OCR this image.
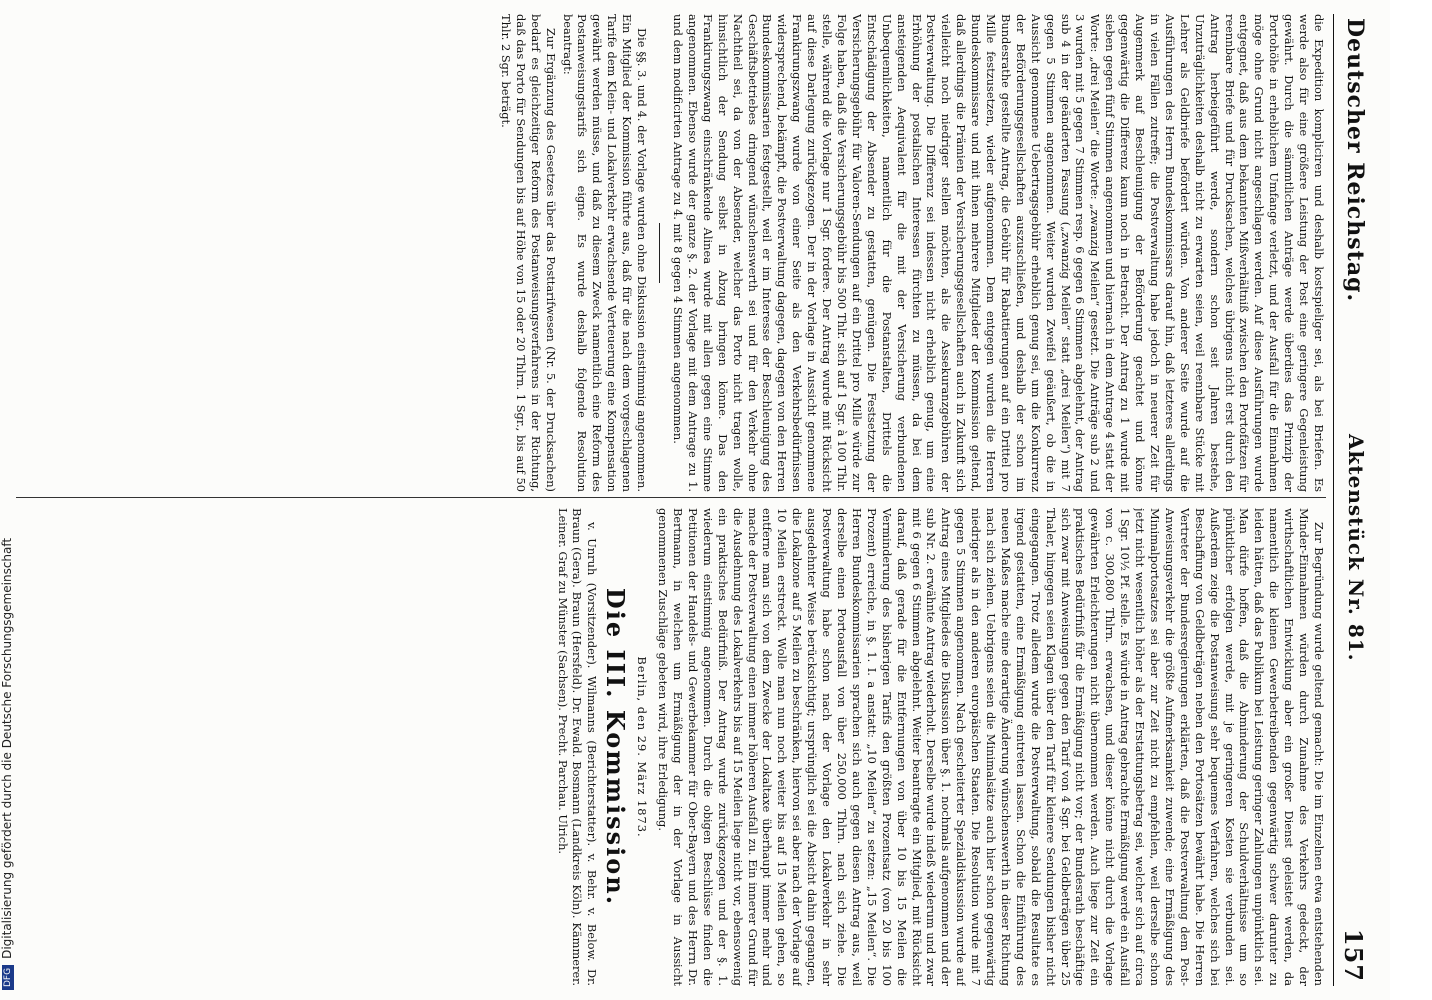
Deutscher Reichstag.
Aktenstück Nr. 81.
157

die Expedition kompliciren und deshalb kostspieliger sei, als bei Briefen. Es werde also für eine größere Leistung der Post eine geringere Gegenleistung gewährt. Durch die sämmtlichen Anträge werde überdies das Prinzip der Portohöhe in erheblichem Umfange verletzt, und der Ausfall für die Einnahmen möge ohne Grund nicht angeschlagen werden. Auf diese Ausführungen wurde entgegnet, daß aus dem bekannten Mißverhältniß zwischen den Portofätzen für reennbare Briefe und für Drucksachen, welches übrigens nicht erst durch den Antrag herbeigeführt werde, sondern schon seit Jahren bestehe, Unzuträglichkeiten deshalb nicht zu erwarten seien, weil reennbare Stücke mit Lehrer als Geldbriefe befördert würden. Von anderer Seite wurde auf die Ausführungen des Herrn Bundeskommissars darauf hin, daß letzteres allerdings in vielen Fällen zutreffe; die Postverwaltung habe jedoch in neuerer Zeit für Augenmerk auf Beschleunigung der Beförderung geachtet und könne gegenwärtig die Differenz kaum noch in Betracht. Der Antrag zu 1 wurde mit sieben gegen fünf Stimmen angenommen und hiernach in dem Antrage 4 statt der Worte: „drei Meilen“ die Worte: „zwanzig Meilen“ gesetzt. Die Anträge sub 2 und 3 wurden mit 5 gegen 7 Stimmen resp. 6 gegen 6 Stimmen abgelehnt, der Antrag sub 4 in der geänderten Fassung („zwanzig Meilen“ statt „drei Meilen“) mit 7 gegen 5 Stimmen angenommen. Weiter wurden Zweifel geäußert, ob die in Aussicht genommene Uebertragsgebühr erheblich genug sei, um die Konkurrenz der Beförderungsgesellschaften auszuschließen, und deshalb der schon im Bundesrathe gestellte Antrag, die Gebühr für Rabattierungen auf ein Drittel pro Mille festzusetzen, wieder aufgenommen. Dem entgegen wurden die Herren Bundeskommissare und mit ihnen mehrere Mitglieder der Kommission geltend, daß allerdings die Prämien der Versicherungsgesellschaften auch in Zukunft sich vielleicht noch niedriger stellen möchten, als die Assekuranzgebühren der Postverwaltung. Die Differenz sei indessen nicht erheblich genug, um eine Erhöhung der postalischen Interessen fürchten zu müssen, da bei dem ansteigenden Aequivalent für die mit der Versicherung verbundenen Unbequemlichkeiten, namentlich für die Postanstalten, Drittels die Entschädigung der Absender zu gestatten, genügen. Die Festsetzung der Versicherungsgebühr für Valoren-Sendungen auf ein Drittel pro Mille würde zur Folge haben, daß die Versicherungsgebühr bis 500 Thlr. sich auf 1 Sgr. à 100 Thlr. stelle, während die Vorlage nur 1 Sgr. fordere. Der Antrag wurde mit Rücksicht auf diese Darlegung zurückgezogen. Der in der Vorlage in Aussicht genommene Frankirungszwang wurde von einer Seite als den Verkehrsbedürfnissen widersprechend, bekämpft, die Postverwaltung dagegen, dagegen von den Herren Bundeskommissarien festgestellt, weil er im Interesse der Beschleunigung des Geschäftsbetriebes dringend wünschenswerth sei und für den Verkehr ohne Nachtheil sei, da von der Absender, welcher das Porto nicht tragen wolle, hinsichtlich der Sendung selbst in Abzug bringen könne. Das den Frankirungszwang einschränkende Alinea wurde mit allen gegen eine Stimme angenommen. Ebenso wurde der ganze §. 2. der Vorlage mit dem Antrage zu 1. und dem modificirten Antrage zu 4. mit 8 gegen 4 Stimmen angenommen.

Die §§. 3. und 4. der Vorlage wurden ohne Diskussion einstimmig angenommen. Ein Mitglied der Kommission führte aus, daß für die nach dem vorgeschlagenen Tarife dem Klein- und Lokalverkehr erwachsende Verteuerung eine Kompensation gewährt werden müsse, und daß zu diesem Zweck namentlich eine Reform des Postanweisungstarifs sich eigne. Es wurde deshalb folgende Resolution beantragt:

Zur Ergänzung des Gesetzes über das Posttarifwesen (Nr. 5. der Drucksachen) bedarf es gleichzeitiger Reform des Postanweisungsverfahrens in der Richtung, daß das Porto für Sendungen bis auf Höhe von 15 oder 20 Thlrn. 1 Sgr., bis auf 50 Thlr. 2 Sgr. beträgt.

Zur Begründung wurde geltend gemacht: Die im Einzelnen etwa entstehenden Minder-Einnahmen würden durch Zunahme des Verkehrs gedeckt, der wirthschaftlichen Entwicklung aber ein großer Dienst geleistet werden, da namentlich die kleinen Gewerbetreibenden gegenwärtig schwer darunter zu leiden hätten, daß das Publikum bei Leistung geringer Zahlungen unpünktlich sei. Man dürfe hoffen, daß die Abminderung der Schuldverhältnisse um so pünktlicher erfolgen werde, mit je geringeren Kosten sie verbunden sei. Außerdem zeige die Postanweisung sehr bequemes Verfahren, welches sich bei Beschaffung von Geldbeträgen neben den Portosätzen bewährt habe. Die Herren Vertreter der Bundesregierungen erklärten, daß die Postverwaltung dem Post-Anweisungsverkehr die größte Aufmerksamkeit zuwende; eine Ermäßigung des Minimalportosatzes sei aber zur Zeit nicht zu empfehlen, weil derselbe schon jetzt nicht wesentlich höher als der Erstattungsbetrag sei, welcher sich auf circa 1 Sgr. 10½ Pf. stelle. Es würde in Antrag gebrachte Ermäßigung werde ein Ausfall von c. 300,800 Thlrn. erwachsen, und dieser könne nicht durch die Vorlage gewährten Erleichterungen nicht übernommen werden. Auch liege zur Zeit ein praktisches Bedürfniß für die Ermäßigung nicht vor; der Bundesrath beschäftige sich zwar mit Anweisungen gegen den Tarif von 4 Sgr. bei Geldbeträgen über 25 Thaler, hingegen seien Klagen über den Tarif für kleinere Sendungen bisher nicht eingegangen. Trotz alledem wurde die Postverwaltung, sobald die Resultate es irgend gestatten, eine Ermäßigung eintreten lassen. Schon die Einführung des neuen Maßes mache eine derartige Änderung wünschenswerth in dieser Richtung nach sich ziehen. Uebrigens seien die Minimalsätze auch hier schon gegenwärtig niedriger als in den anderen europäischen Staaten. Die Resolution wurde mit 7 gegen 5 Stimmen angenommen. Nach gescheiterter Spezialdiskussion wurde auf Antrag eines Mitgliedes die Diskussion über §. 1. nochmals aufgenommen und der sub Nr. 2. erwähnte Antrag wiederholt. Derselbe wurde indeß wiederum und zwar mit 6 gegen 6 Stimmen abgelehnt. Weiter beantragte ein Mitglied, mit Rücksicht darauf, daß gerade für die Entfernungen von über 10 bis 15 Meilen die Verminderung des bisherigen Tarifs den größten Prozentsatz (von 20 bis 100 Prozent) erreiche, in §. 1. I. a anstatt: „10 Meilen“ zu setzen: „15 Meilen“. Die Herren Bundeskommissarien sprachen sich auch gegen diesen Antrag aus, weil derselbe einen Portoausfall von über 250,000 Thlrn. nach sich ziehe. Die Postverwaltung habe schon nach der Vorlage den Lokalverkehr in sehr ausgedehnter Weise berücksichtigt; ursprünglich sei die Absicht dahin gegangen, die Lokalzone auf 5 Meilen zu beschränken, hiervon sei aber nach der Vorlage auf 10 Meilen erstreckt. Wolle man nun noch weiter bis auf 15 Meilen gehen, so entferne man sich von dem Zwecke der Lokaltaxe überhaupt immer mehr und mache der Postverwaltung einen immer höheren Ausfall zu. Ein innerer Grund für die Ausdehnung des Lokalverkehrs bis auf 15 Meilen liege nicht vor, ebensowenig ein praktisches Bedürfniß. Der Antrag wurde zurückgezogen und der §. 1. wiederum einstimmig angenommen. Durch die obigen Beschlüsse finden die Petitionen der Handels- und Gewerbekammer für Ober-Bayern und des Herrn Dr. Bertmann, in welchen um Ermäßigung der in der Vorlage in Aussicht genommenen Zuschläge gebeten wird, ihre Erledigung.

Berlin, den 29. März 1873.
Die III. Kommission.

v. Unruh (Vorsitzender). Wilmanns (Berichterstatter). v. Behr. v. Below. Dr. Braun (Gera). Braun (Hersfeld). Dr. Ewald. Bosmann (Landkreis Köln). Kämmerer. Leiner. Graf zu Münster (Sachsen). Precht. Parchau. Ulrich.

DFGDigitalisierung gefördert durch die Deutsche Forschungsgemeinschaft
